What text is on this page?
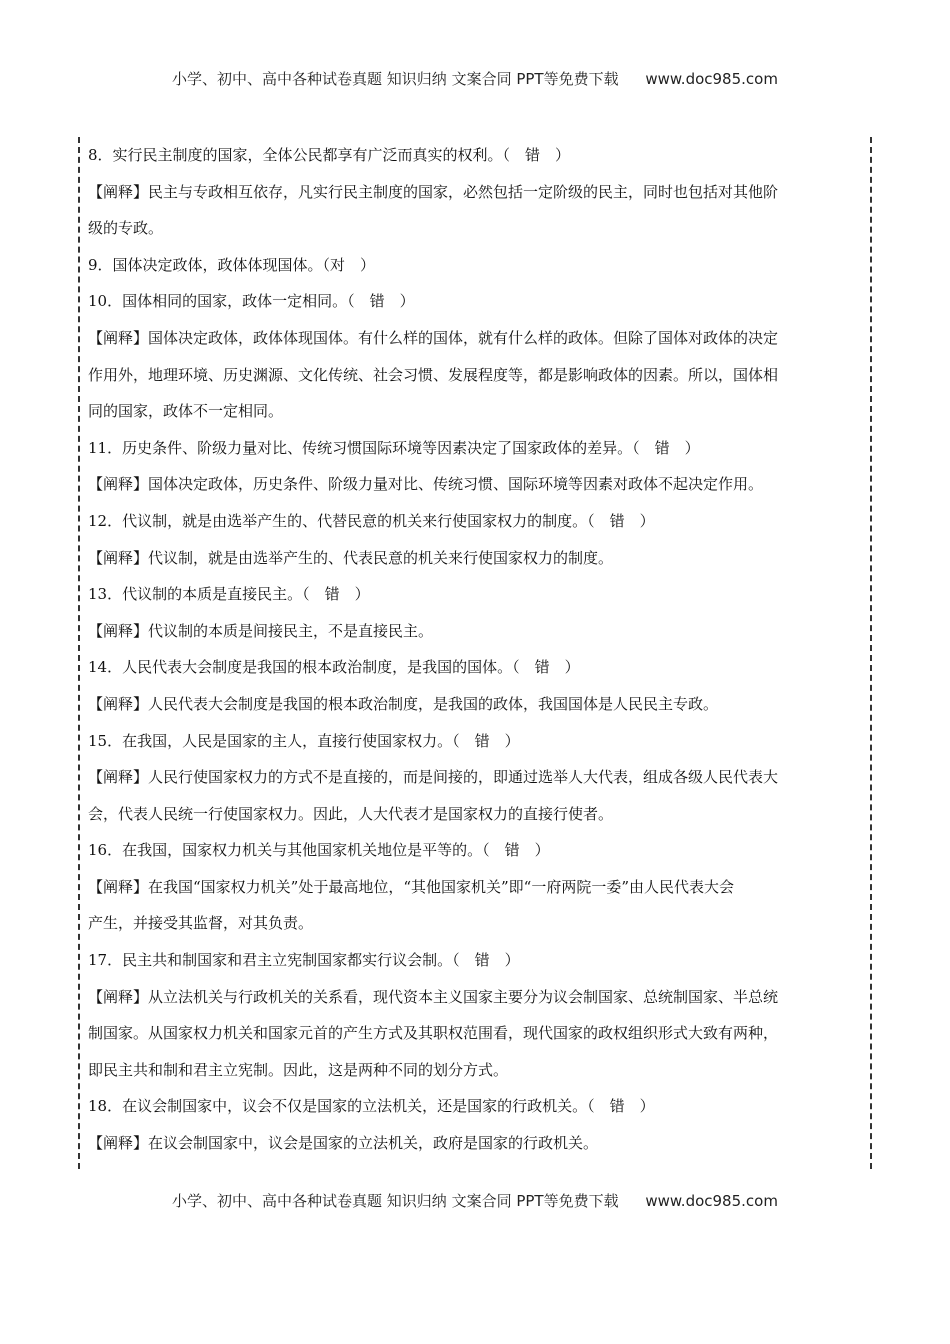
小学、初中、高中各种试卷真题 知识归纳 文案合同 PPT等免费下载 www.doc985.com
8．实行民主制度的国家，全体公民都享有广泛而真实的权利。（　错　）
【阐释】民主与专政相互依存，凡实行民主制度的国家，必然包括一定阶级的民主，同时也包括对其他阶
级的专政。
9．国体决定政体，政体体现国体。（对　）
10．国体相同的国家，政体一定相同。（　错　）
【阐释】国体决定政体，政体体现国体。有什么样的国体，就有什么样的政体。但除了国体对政体的决定
作用外，地理环境、历史渊源、文化传统、社会习惯、发展程度等，都是影响政体的因素。所以，国体相
同的国家，政体不一定相同。
11．历史条件、阶级力量对比、传统习惯国际环境等因素决定了国家政体的差异。（　错　）
【阐释】国体决定政体，历史条件、阶级力量对比、传统习惯、国际环境等因素对政体不起决定作用。
12．代议制，就是由选举产生的、代替民意的机关来行使国家权力的制度。（　错　）
【阐释】代议制，就是由选举产生的、代表民意的机关来行使国家权力的制度。
13．代议制的本质是直接民主。（　错　）
【阐释】代议制的本质是间接民主，不是直接民主。
14．人民代表大会制度是我国的根本政治制度，是我国的国体。（　错　）
【阐释】人民代表大会制度是我国的根本政治制度，是我国的政体，我国国体是人民民主专政。
15．在我国，人民是国家的主人，直接行使国家权力。（　错　）
【阐释】人民行使国家权力的方式不是直接的，而是间接的，即通过选举人大代表，组成各级人民代表大
会，代表人民统一行使国家权力。因此，人大代表才是国家权力的直接行使者。
16．在我国，国家权力机关与其他国家机关地位是平等的。（　错　）
【阐释】在我国“国家权力机关”处于最高地位，“其他国家机关”即“一府两院一委”由人民代表大会
产生，并接受其监督，对其负责。
17．民主共和制国家和君主立宪制国家都实行议会制。（　错　）
【阐释】从立法机关与行政机关的关系看，现代资本主义国家主要分为议会制国家、总统制国家、半总统
制国家。从国家权力机关和国家元首的产生方式及其职权范围看，现代国家的政权组织形式大致有两种，
即民主共和制和君主立宪制。因此，这是两种不同的划分方式。
18．在议会制国家中，议会不仅是国家的立法机关，还是国家的行政机关。（　错　）
【阐释】在议会制国家中，议会是国家的立法机关，政府是国家的行政机关。
小学、初中、高中各种试卷真题 知识归纳 文案合同 PPT等免费下载 www.doc985.com
